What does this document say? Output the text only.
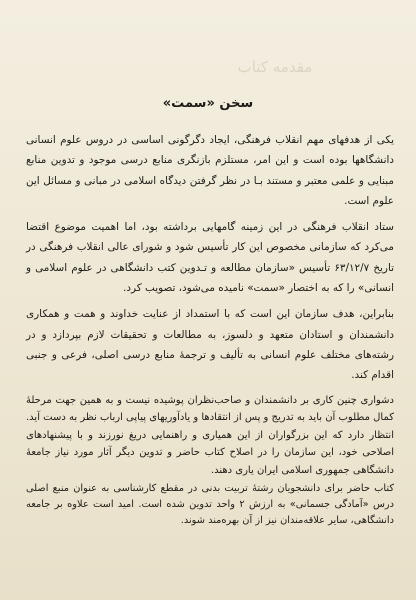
مقدمه کتاب
سخن «سمت»

یکی از هدفهای مهم انقلاب فرهنگی، ایجاد دگرگونی اساسی در دروس علوم انسانی دانشگاهها بوده است و این امر، مستلزم بازنگری منابع درسی موجود و تدوین منابع مبنایی و علمی معتبر و مستند بـا در نظر گرفتن دیدگاه اسلامی در مبانی و مسائل این علوم است.

ستاد انقلاب فرهنگی در این زمینه گامهایی برداشته بود، اما اهمیت موضوع اقتضا می‌کرد که سازمانی مخصوص این کار تأسیس شود و شورای عالی انقلاب فرهنگی در تاریخ ۶۳/۱۲/۷ تأسیس «سازمان مطالعه و تـدوین کتب دانشگاهی در علوم اسلامی و انسانی» را که به اختصار «سمت» نامیده می‌شود، تصویب کرد.

بنابراین، هدف سازمان این است که با استمداد از عنایت خداوند و همت و همکاری دانشمندان و استادان متعهد و دلسوز، به مطالعات و تحقیقات لازم بپردازد و در رشته‌های مختلف علوم انسانی به تألیف و ترجمهٔ منابع درسی اصلی، فرعی و جنبی اقدام کند.

دشواری چنین کاری بر دانشمندان و صاحب‌نظران پوشیده نیست و به همین جهت مرحلهٔ کمال مطلوب آن باید به تدریج و پس از انتقادها و یادآوریهای پیاپی ارباب نظر به دست آید. انتظار دارد که این بزرگواران از این همیاری و راهنمایی دریغ نورزند و با پیشنهادهای اصلاحی خود، این سازمان را در اصلاح کتاب حاضر و تدوین دیگر آثار مورد نیاز جامعهٔ دانشگاهی جمهوری اسلامی ایران یاری دهند.

کتاب حاضر برای دانشجویان رشتهٔ تربیت بدنی در مقطع کارشناسی به عنوان منبع اصلی درس «آمادگی جسمانی» به ارزش ۲ واحد تدوین شده است. امید است علاوه بر جامعه دانشگاهی، سایر علاقه‌مندان نیز از آن بهره‌مند شوند.
